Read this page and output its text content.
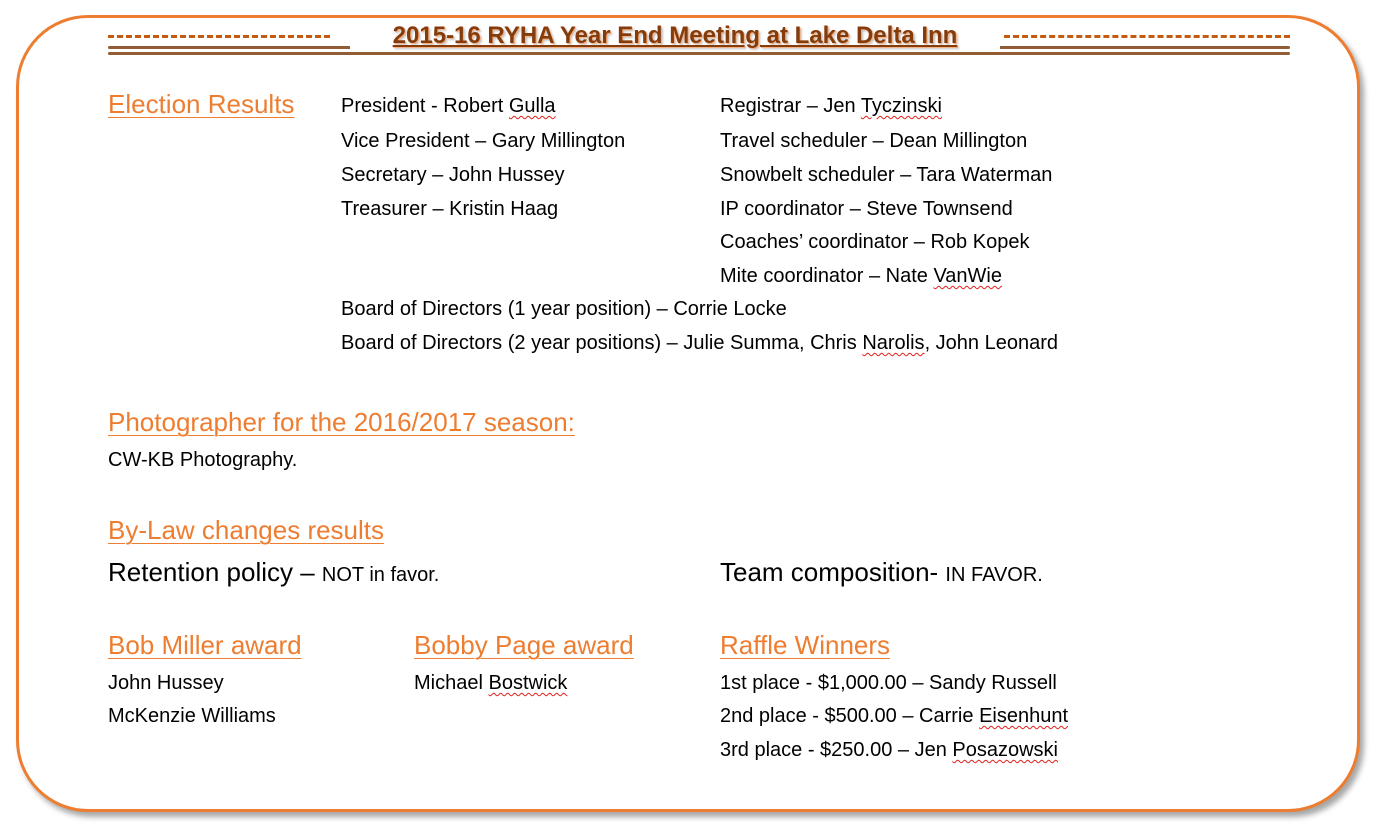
2015-16 RYHA Year End Meeting at Lake Delta Inn
Election Results President - Robert Gulla
Vice President – Gary Millington
Secretary – John Hussey
Treasurer – Kristin Haag
Registrar – Jen Tyczinski
Travel scheduler – Dean Millington
Snowbelt scheduler – Tara Waterman
IP coordinator – Steve Townsend
Coaches’ coordinator – Rob Kopek
Mite coordinator – Nate VanWie
Board of Directors (1 year position) – Corrie Locke
Board of Directors (2 year positions) – Julie Summa, Chris Narolis, John Leonard
Photographer for the 2016/2017 season:
CW-KB Photography.
By-Law changes results
Retention policy – NOT in favor.	Team composition- IN FAVOR.
Bob Miller award
John Hussey
McKenzie Williams
Bobby Page award
Michael Bostwick
Raffle Winners
1st place - $1,000.00 – Sandy Russell
2nd place - $500.00 – Carrie Eisenhunt
3rd place - $250.00 – Jen Posazowski
